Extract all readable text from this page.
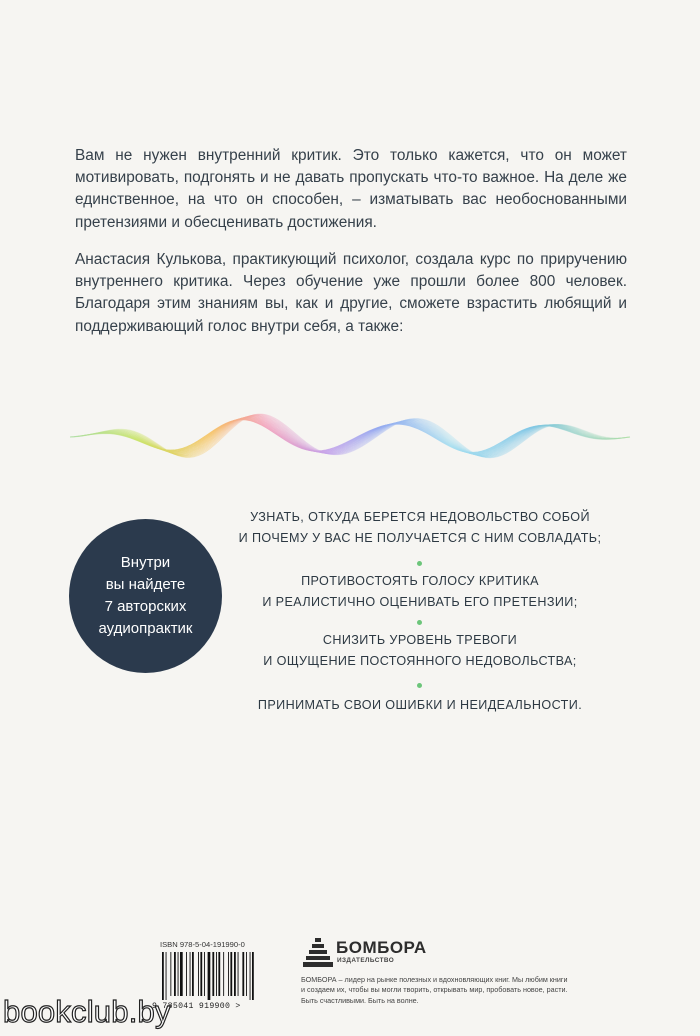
Вам не нужен внутренний критик. Это только кажется, что он может мотивировать, подгонять и не давать пропускать что-то важное. На деле же единственное, на что он способен, – изматывать вас необоснованными претензиями и обесценивать достижения.

Анастасия Кулькова, практикующий психолог, создала курс по приручению внутреннего критика. Через обучение уже прошли более 800 человек. Благодаря этим знаниям вы, как и другие, сможете взрастить любящий и поддерживающий голос внутри себя, а также:

Внутри
вы найдете
7 авторских
аудиопрактик
УЗНАТЬ, ОТКУДА БЕРЕТСЯ НЕДОВОЛЬСТВО СОБОЙ
И ПОЧЕМУ У ВАС НЕ ПОЛУЧАЕТСЯ С НИМ СОВЛАДАТЬ;
ПРОТИВОСТОЯТЬ ГОЛОСУ КРИТИКА
И РЕАЛИСТИЧНО ОЦЕНИВАТЬ ЕГО ПРЕТЕНЗИИ;
СНИЗИТЬ УРОВЕНЬ ТРЕВОГИ
И ОЩУЩЕНИЕ ПОСТОЯННОГО НЕДОВОЛЬСТВА;
ПРИНИМАТЬ СВОИ ОШИБКИ И НЕИДЕАЛЬНОСТИ.
ISBN 978-5-04-191990-0
9 785041 919900 >
БОМБОРА
ИЗДАТЕЛЬСТВО
БОМБОРА – лидер на рынке полезных и вдохновляющих книг. Мы любим книги и создаем их, чтобы вы могли творить, открывать мир, пробовать новое, расти. Быть счастливыми. Быть на волне.
bookclub.by
